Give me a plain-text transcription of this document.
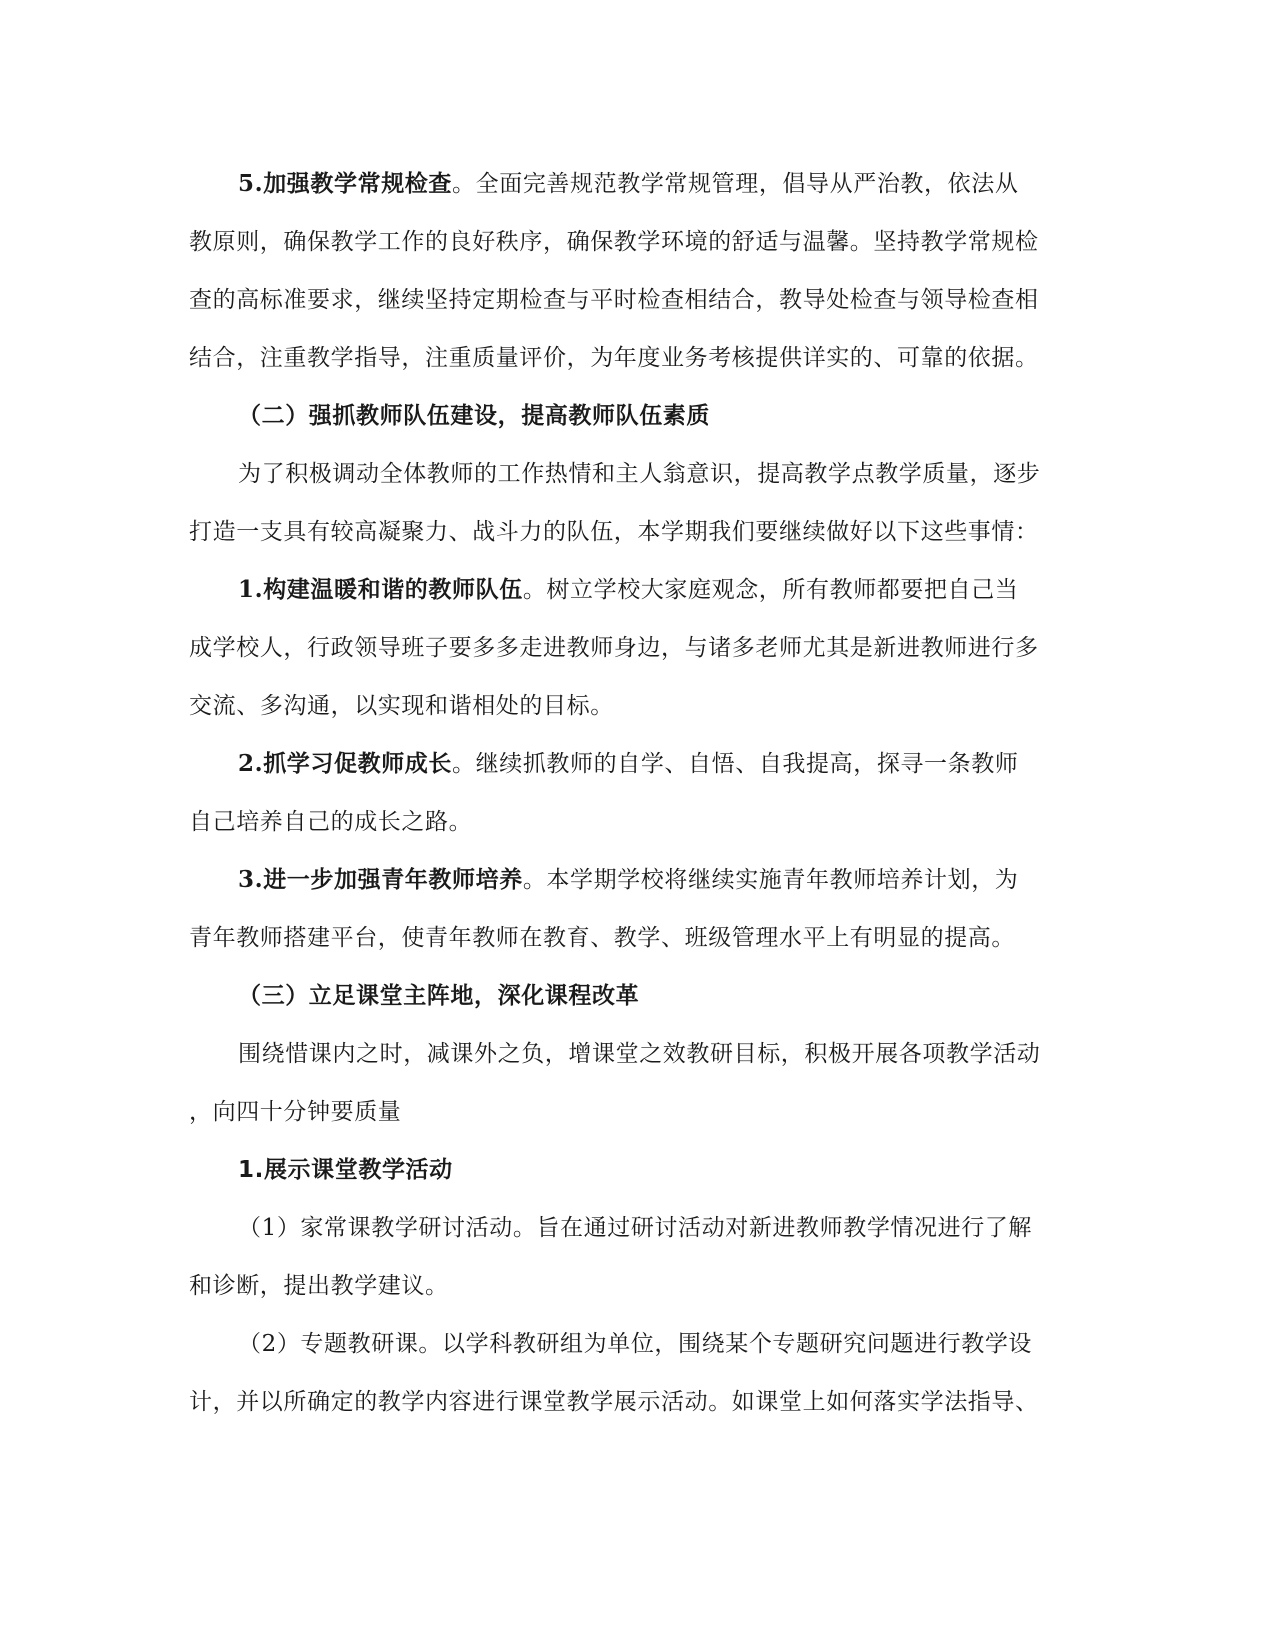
5.加强教学常规检查。全面完善规范教学常规管理，倡导从严治教，依法从
教原则，确保教学工作的良好秩序，确保教学环境的舒适与温馨。坚持教学常规检
查的高标准要求，继续坚持定期检查与平时检查相结合，教导处检查与领导检查相
结合，注重教学指导，注重质量评价，为年度业务考核提供详实的、可靠的依据。
（二）强抓教师队伍建设，提高教师队伍素质
为了积极调动全体教师的工作热情和主人翁意识，提高教学点教学质量，逐步
打造一支具有较高凝聚力、战斗力的队伍，本学期我们要继续做好以下这些事情：
1.构建温暖和谐的教师队伍。树立学校大家庭观念，所有教师都要把自己当
成学校人，行政领导班子要多多走进教师身边，与诸多老师尤其是新进教师进行多
交流、多沟通，以实现和谐相处的目标。
2.抓学习促教师成长。继续抓教师的自学、自悟、自我提高，探寻一条教师
自己培养自己的成长之路。
3.进一步加强青年教师培养。本学期学校将继续实施青年教师培养计划，为
青年教师搭建平台，使青年教师在教育、教学、班级管理水平上有明显的提高。
（三）立足课堂主阵地，深化课程改革
围绕惜课内之时，减课外之负，增课堂之效教研目标，积极开展各项教学活动
，向四十分钟要质量
1.展示课堂教学活动
（1）家常课教学研讨活动。旨在通过研讨活动对新进教师教学情况进行了解
和诊断，提出教学建议。
（2）专题教研课。以学科教研组为单位，围绕某个专题研究问题进行教学设
计，并以所确定的教学内容进行课堂教学展示活动。如课堂上如何落实学法指导、
